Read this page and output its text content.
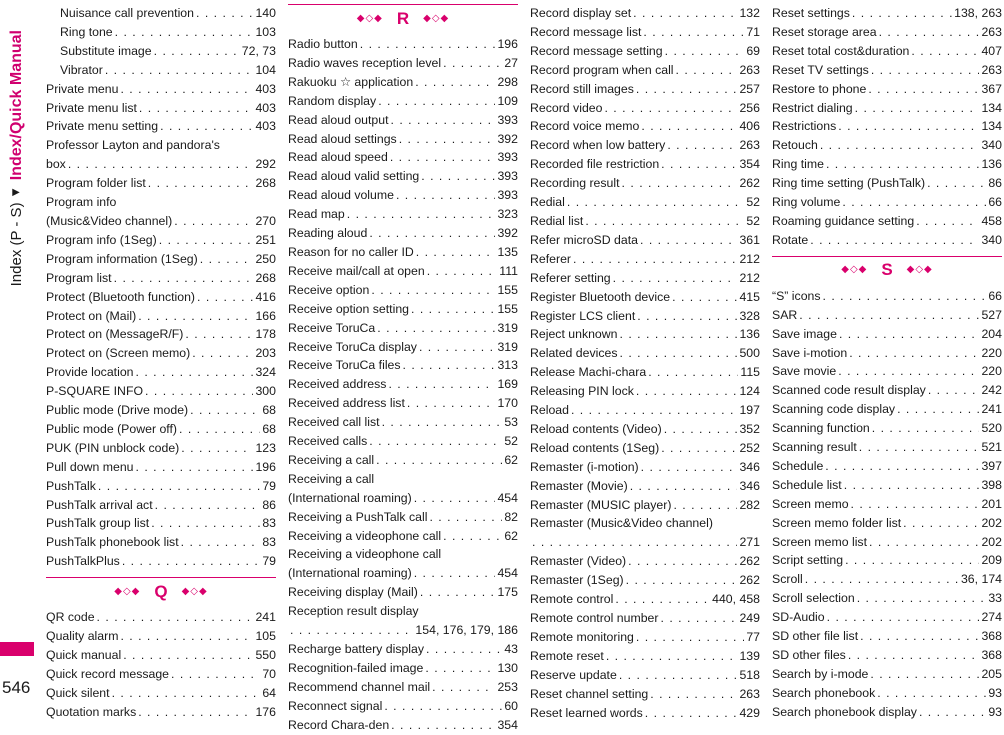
Index (P - S)◂ Index/Quick Manual
546
Nuisance call prevention . . .	140
Ring tone . . .	103
Substitute image . . .	72, 73
Vibrator . . .	104
Private menu . . .	403
Private menu list . . .	403
Private menu setting . . .	403
Professor Layton and pandora's
box . . .	292
Program folder list . . .	268
Program info
(Music&Video channel) . . .	270
Program info (1Seg) . . .	251
Program information (1Seg) . . .	250
Program list . . .	268
Protect (Bluetooth function) . . .	416
Protect on (Mail) . . .	166
Protect on (MessageR/F) . . .	178
Protect on (Screen memo) . . .	203
Provide location . . .	324
P-SQUARE INFO . . .	300
Public mode (Drive mode) . . .	68
Public mode (Power off) . . .	68
PUK (PIN unblock code) . . .	123
Pull down menu . . .	196
PushTalk . . .	79
PushTalk arrival act . . .	86
PushTalk group list . . .	83
PushTalk phonebook list . . .	83
PushTalkPlus . . .	79
◆◇◆ Q ◆◇◆
QR code . . .	241
Quality alarm . . .	105
Quick manual . . .	550
Quick record message . . .	70
Quick silent . . .	64
Quotation marks . . .	176
◆◇◆ R ◆◇◆
Radio button . . .	196
Radio waves reception level . . .	27
Rakuoku ☆ application . . .	298
Random display . . .	109
Read aloud output . . .	393
Read aloud settings . . .	392
Read aloud speed . . .	393
Read aloud valid setting . . .	393
Read aloud volume . . .	393
Read map . . .	323
Reading aloud . . .	392
Reason for no caller ID . . .	135
Receive mail/call at open . . .	111
Receive option . . .	155
Receive option setting . . .	155
Receive ToruCa . . .	319
Receive ToruCa display . . .	319
Receive ToruCa files . . .	313
Received address . . .	169
Received address list . . .	170
Received call list . . .	53
Received calls . . .	52
Receiving a call . . .	62
Receiving a call
(International roaming) . . .	454
Receiving a PushTalk call . . .	82
Receiving a videophone call . . .	62
Receiving a videophone call
(International roaming) . . .	454
Receiving display (Mail) . . .	175
Reception result display
. . .
154, 176, 179, 186
Recharge battery display . . .	43
Recognition-failed image . . .	130
Recommend channel mail . . .	253
Reconnect signal . . .	60
Record Chara-den . . .	354
Record display set . . .	132
Record message list . . .	71
Record message setting . . .	69
Record program when call . . .	263
Record still images . . .	257
Record video . . .	256
Record voice memo . . .	406
Record when low battery . . .	263
Recorded file restriction . . .	354
Recording result . . .	262
Redial . . .	52
Redial list . . .	52
Refer microSD data . . .	361
Referer . . .	212
Referer setting . . .	212
Register Bluetooth device . . .	415
Register LCS client . . .	328
Reject unknown . . .	136
Related devices . . .	500
Release Machi-chara . . .	115
Releasing PIN lock . . .	124
Reload . . .	197
Reload contents (Video) . . .	352
Reload contents (1Seg) . . .	252
Remaster (i-motion) . . .	346
Remaster (Movie) . . .	346
Remaster (MUSIC player) . . .	282
Remaster (Music&Video channel)
. . .
271
Remaster (Video) . . .	262
Remaster (1Seg) . . .	262
Remote control . . .	440, 458
Remote control number . . .	249
Remote monitoring . . .	77
Remote reset . . .	139
Reserve update . . .	518
Reset channel setting . . .	263
Reset learned words . . .	429
Reset settings . . .	138, 263
Reset storage area . . .	263
Reset total cost&duration . . .	407
Reset TV settings . . .	263
Restore to phone . . .	367
Restrict dialing . . .	134
Restrictions . . .	134
Retouch . . .	340
Ring time . . .	136
Ring time setting (PushTalk) . . .	86
Ring volume . . .	66
Roaming guidance setting . . .	458
Rotate . . .	340
◆◇◆ S ◆◇◆
“S” icons . . .	66
SAR . . .	527
Save image . . .	204
Save i-motion . . .	220
Save movie . . .	220
Scanned code result display . . .	242
Scanning code display . . .	241
Scanning function . . .	520
Scanning result . . .	521
Schedule . . .	397
Schedule list . . .	398
Screen memo . . .	201
Screen memo folder list . . .	202
Screen memo list . . .	202
Script setting . . .	209
Scroll . . .	36, 174
Scroll selection . . .	33
SD-Audio . . .	274
SD other file list . . .	368
SD other files . . .	368
Search by i-mode . . .	205
Search phonebook . . .	93
Search phonebook display . . .	93
